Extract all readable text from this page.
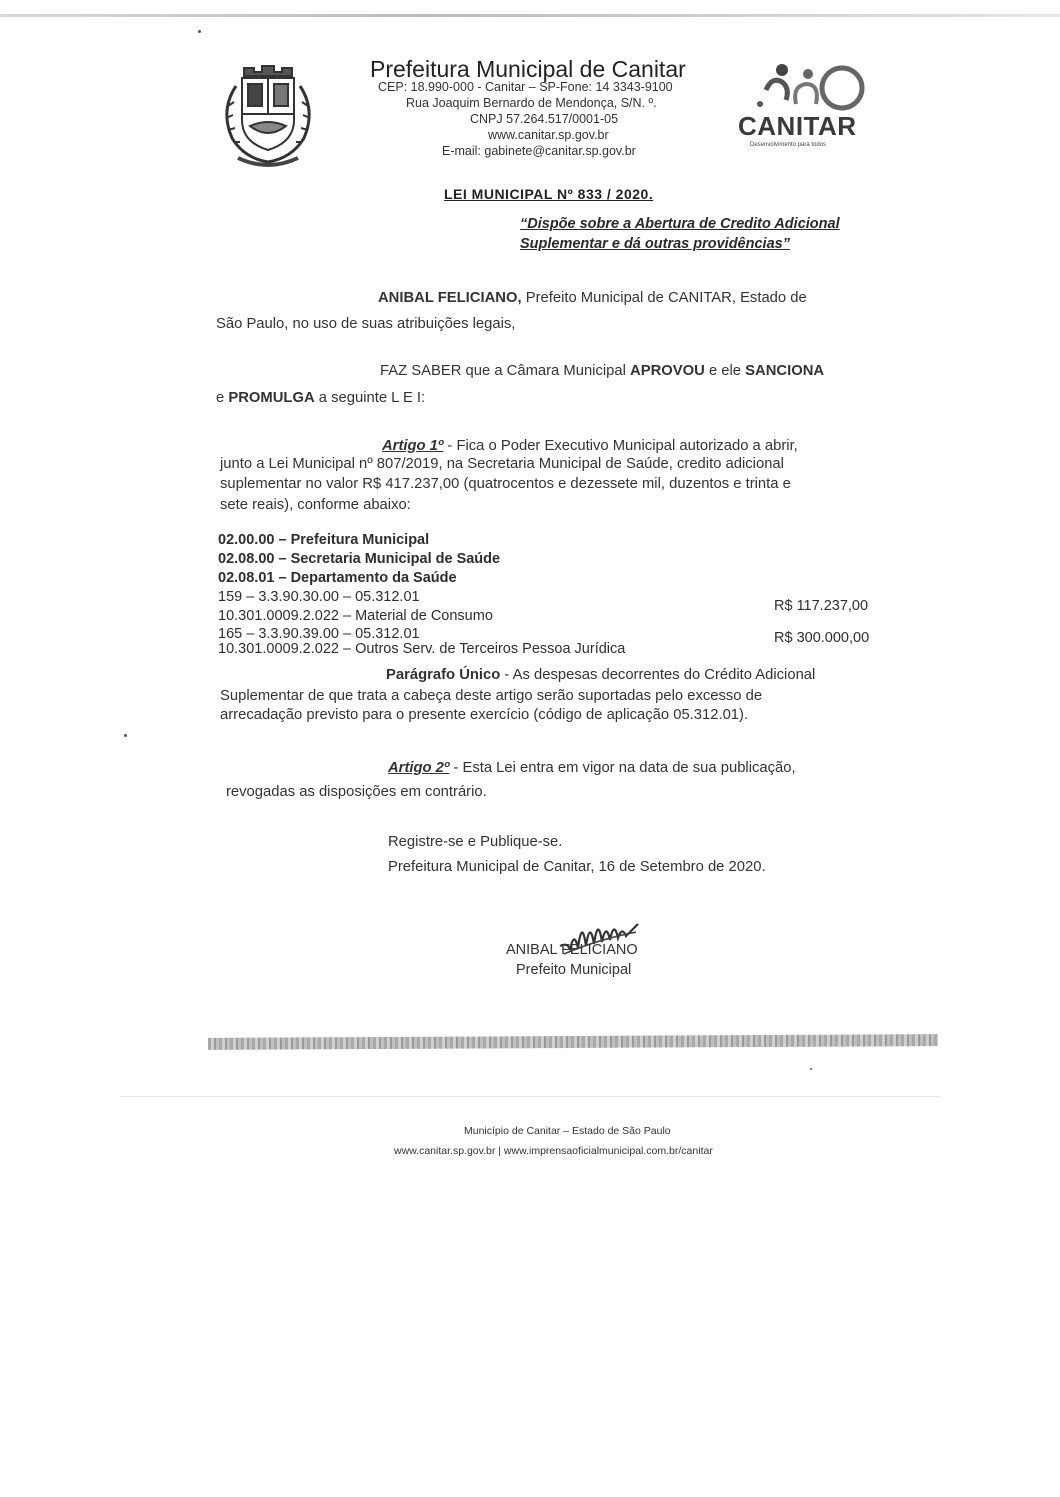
Prefeitura Municipal de Canitar
CEP: 18.990-000 - Canitar – SP-Fone: 14 3343-9100
Rua Joaquim Bernardo de Mendonça, S/N. º.
CNPJ 57.264.517/0001-05
www.canitar.sp.gov.br
E-mail: gabinete@canitar.sp.gov.br
CANITAR
Desenvolvimento para todos
LEI MUNICIPAL Nº 833 / 2020.
“Dispõe sobre a Abertura de Credito Adicional
Suplementar e dá outras providências”
ANIBAL FELICIANO, Prefeito Municipal de CANITAR, Estado de
São Paulo, no uso de suas atribuições legais,
FAZ SABER que a Câmara Municipal APROVOU e ele SANCIONA
e PROMULGA a seguinte L E I:
Artigo 1º - Fica o Poder Executivo Municipal autorizado a abrir,
junto a Lei Municipal nº 807/2019, na Secretaria Municipal de Saúde, credito adicional
suplementar no valor R$ 417.237,00 (quatrocentos e dezessete mil, duzentos e trinta e
sete reais), conforme abaixo:
02.00.00 – Prefeitura Municipal
02.08.00 – Secretaria Municipal de Saúde
02.08.01 – Departamento da Saúde
159 – 3.3.90.30.00 – 05.312.01
10.301.0009.2.022 – Material de Consumo
R$ 117.237,00
165 – 3.3.90.39.00 – 05.312.01
10.301.0009.2.022 – Outros Serv. de Terceiros Pessoa Jurídica
R$ 300.000,00
Parágrafo Único - As despesas decorrentes do Crédito Adicional
Suplementar de que trata a cabeça deste artigo serão suportadas pelo excesso de
arrecadação previsto para o presente exercício (código de aplicação 05.312.01).
Artigo 2º - Esta Lei entra em vigor na data de sua publicação,
revogadas as disposições em contrário.
Registre-se e Publique-se.
Prefeitura Municipal de Canitar, 16 de Setembro de 2020.
ANIBAL FELICIANO
Prefeito Municipal
Município de Canitar – Estado de São Paulo
www.canitar.sp.gov.br | www.imprensaoficialmunicipal.com.br/canitar
